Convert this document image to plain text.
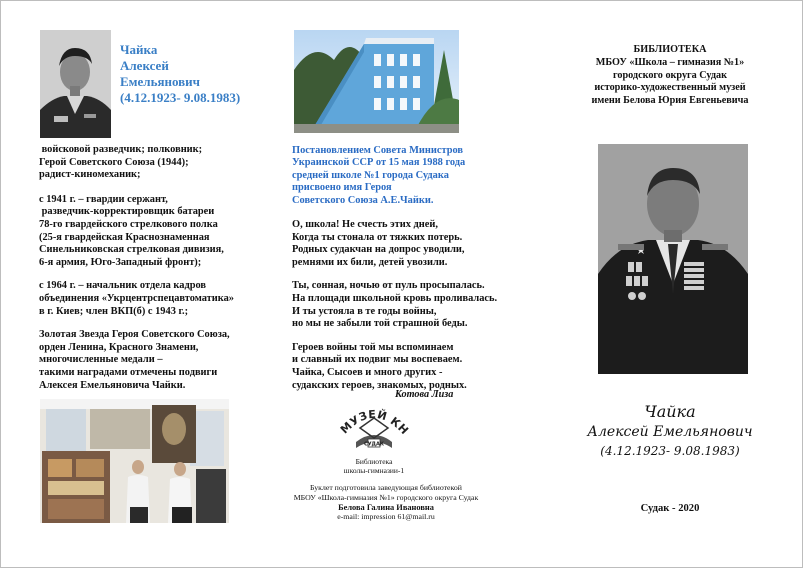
Чайка
Алексей
Емельянович
(4.12.1923- 9.08.1983)
войсковой разведчик; полковник;
Герой Советского Союза (1944);
радист-киномеханик;
с 1941 г. – гвардии сержант,
разведчик-корректировщик батареи
78-го гвардейского стрелкового полка
(25-я гвардейская Краснознаменная
Синельниковская стрелковая дивизия,
6-я армия, Юго-Западный фронт);
с 1964 г. – начальник отдела кадров
объединения «Укрцентрспецавтоматика»
в г. Киев; член ВКП(б) с 1943 г.;
Золотая Звезда Героя Советского Союза,
орден Ленина, Красного Знамени,
многочисленные медали –
такими наградами отмечены подвиги
Алексея Емельяновича Чайки.
Постановлением Совета Министров
Украинской ССР от 15 мая 1988 года
средней школе №1 города Судака
присвоено имя Героя
Советского Союза А.Е.Чайки.
О, школа! Не счесть этих дней,
Когда ты стонала от тяжких потерь.
Родных судакчан на допрос уводили,
ремнями их били, детей увозили.
Ты, сонная, ночью от пуль просыпалась.
На площади школьной кровь проливалась.
И ты устояла в те годы войны,
но мы не забыли той страшной беды.
Героев войны той мы вспоминаем
и славный их подвиг мы воспеваем.
Чайка, Сысоев и много других -
судакских героев, знакомых, родных.
Котова Лиза
МУЗЕЙ КН
СУДАК
Библиотека
школы-гимназии-1
Буклет подготовила заведующая библиотекой
МБОУ «Школа-гимназия №1» городского округа Судак
Белова Галина Ивановна
e-mail: impression 61@mail.ru
БИБЛИОТЕКА
МБОУ «Школа – гимназия №1»
городского округа Судак
историко-художественный музей
имени Белова Юрия Евгеньевича
Чайка
Алексей Емельянович
(4.12.1923- 9.08.1983)
Судак - 2020
